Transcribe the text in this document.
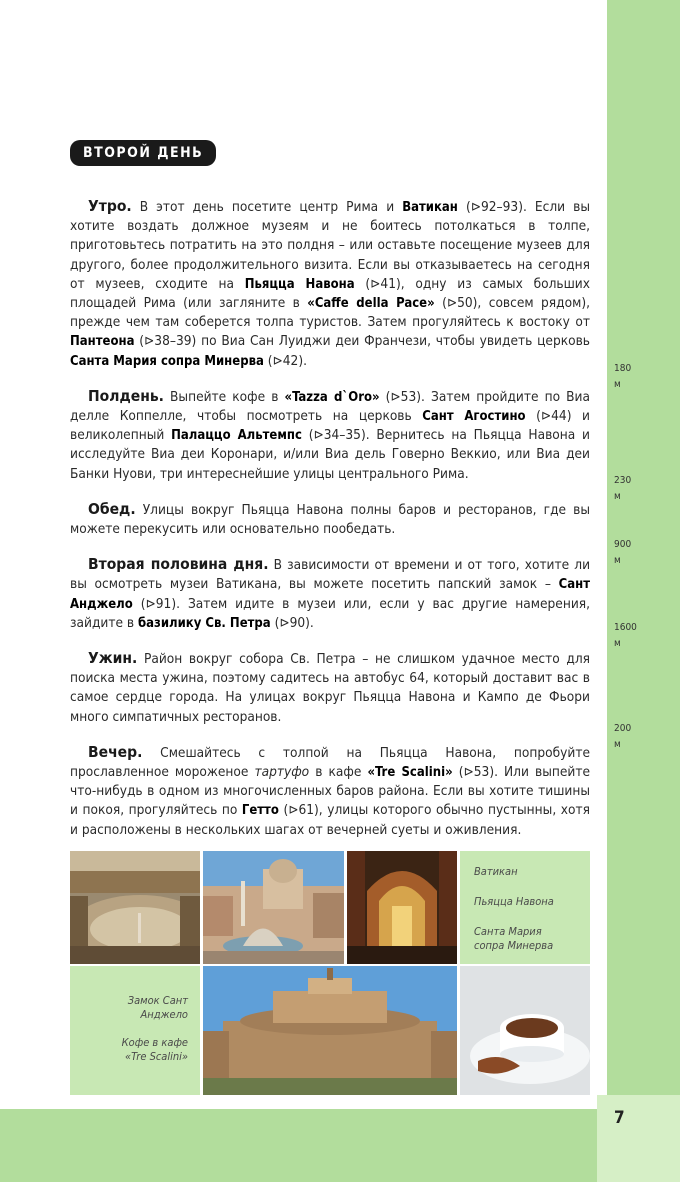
7
180
м
230
м
900
м
1600
м
200
м
ВТОРОЙ ДЕНЬ

Утро. В этот день посетите центр Рима и Ватикан (⊳92–93). Если вы хотите воздать должное музеям и не боитесь потолкаться в толпе, приготовьтесь потратить на это полдня – или оставьте посещение музеев для другого, более продолжительного визита. Если вы отказываетесь на сегодня от музеев, сходите на Пьяцца Навона (⊳41), одну из самых больших площадей Рима (или загляните в «Caffe della Pace» (⊳50), совсем рядом), прежде чем там соберется толпа туристов. Затем прогуляйтесь к востоку от Пантеона (⊳38–39) по Виа Сан Луиджи деи Франчези, чтобы увидеть церковь Санта Мария сопра Минерва (⊳42).

Полдень. Выпейте кофе в «Tazza d`Oro» (⊳53). Затем пройдите по Виа делле Коппелле, чтобы посмотреть на церковь Сант Агостино (⊳44) и великолепный Палаццо Альтемпс (⊳34–35). Вернитесь на Пьяцца Навона и исследуйте Виа деи Коронари, и/или Виа дель Говерно Веккио, или Виа деи Банки Нуови, три интереснейшие улицы центрального Рима.

Обед. Улицы вокруг Пьяцца Навона полны баров и ресторанов, где вы можете перекусить или основательно пообедать.

Вторая половина дня. В зависимости от времени и от того, хотите ли вы осмотреть музеи Ватикана, вы можете посетить папский замок – Сант Анджело (⊳91). Затем идите в музеи или, если у вас другие намерения, зайдите в базилику Св. Петра (⊳90).

Ужин. Район вокруг собора Св. Петра – не слишком удачное место для поиска места ужина, поэтому садитесь на автобус 64, который доставит вас в самое сердце города. На улицах вокруг Пьяцца Навона и Кампо де Фьори много симпатичных ресторанов.

Вечер. Смешайтесь с толпой на Пьяцца Навона, попробуйте прославленное мороженое тартуфо в кафе «Tre Scalini» (⊳53). Или выпейте что-нибудь в одном из многочисленных баров района. Если вы хотите тишины и покоя, прогуляйтесь по Гетто (⊳61), улицы которого обычно пустынны, хотя и расположены в нескольких шагах от вечерней суеты и оживления.

Ватикан
Пьяцца Навона
Санта Мария сопра Минерва
Замок Сант Анджело
Кофе в кафе «Tre Scalini»
